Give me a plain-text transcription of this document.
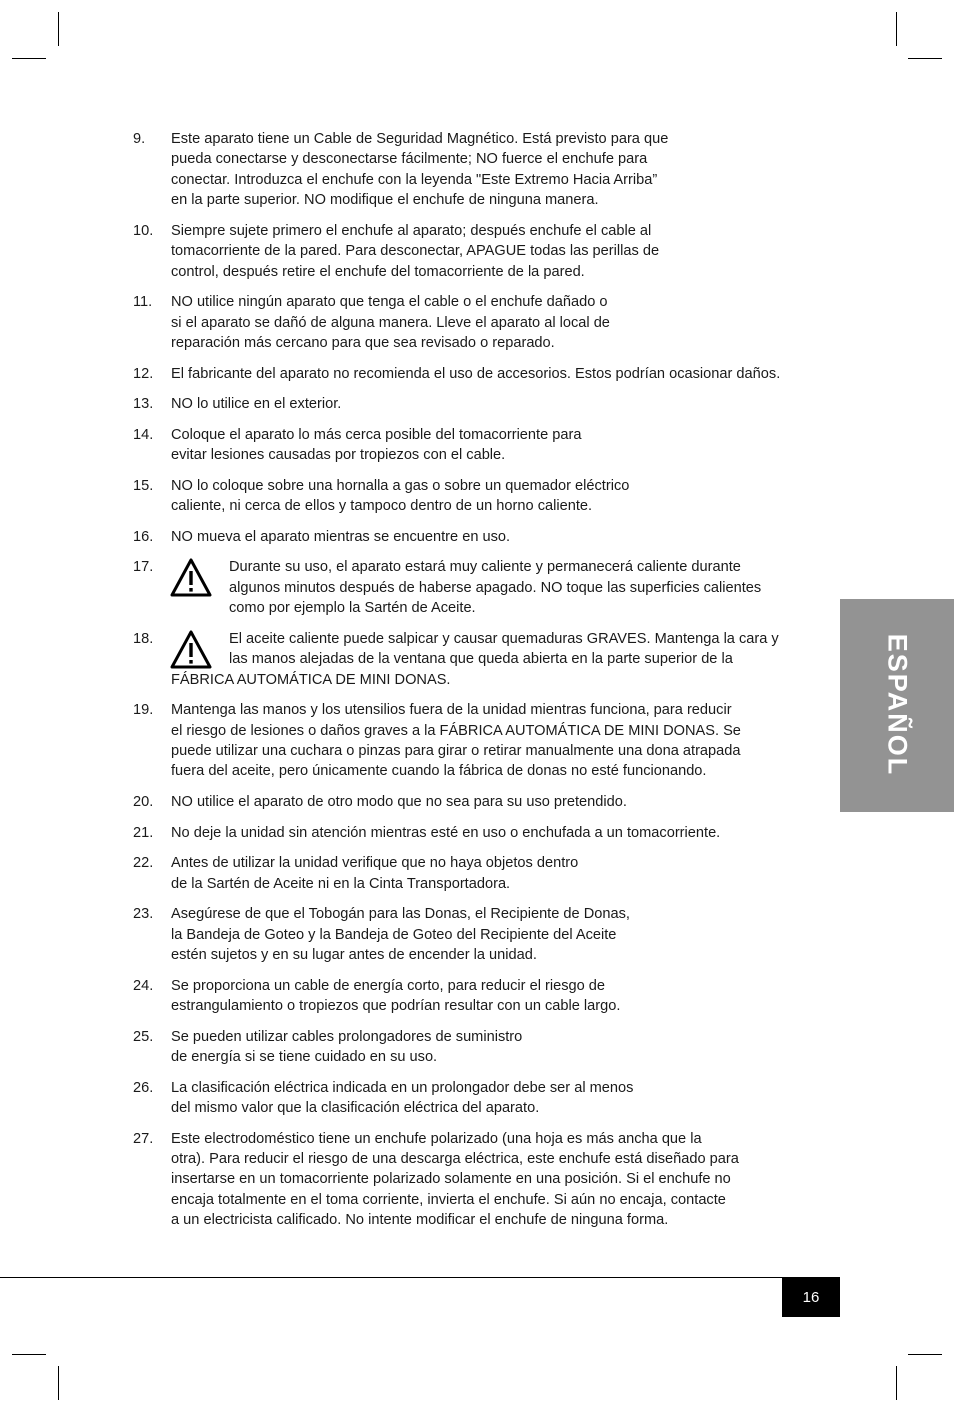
9. Este aparato tiene un Cable de Seguridad Magnético. Está previsto para que
pueda conectarse y desconectarse fácilmente; NO fuerce el enchufe para
conectar. Introduzca el enchufe con la leyenda "Este Extremo Hacia Arriba”
en la parte superior. NO modifique el enchufe de ninguna manera.
10. Siempre sujete primero el enchufe al aparato; después enchufe el cable al
tomacorriente de la pared. Para desconectar, APAGUE todas las perillas de
control, después retire el enchufe del tomacorriente de la pared.
11. NO utilice ningún aparato que tenga el cable o el enchufe dañado o
si el aparato se dañó de alguna manera. Lleve el aparato al local de
reparación más cercano para que sea revisado o reparado.
12. El fabricante del aparato no recomienda el uso de accesorios. Estos podrían ocasionar daños.
13. NO lo utilice en el exterior.
14. Coloque el aparato lo más cerca posible del tomacorriente para
evitar lesiones causadas por tropiezos con el cable.
15. NO lo coloque sobre una hornalla a gas o sobre un quemador eléctrico
caliente, ni cerca de ellos y tampoco dentro de un horno caliente.
16. NO mueva el aparato mientras se encuentre en uso.
17.	Durante su uso, el aparato estará muy caliente y permanecerá caliente durante
algunos minutos después de haberse apagado. NO toque las superficies calientes
como por ejemplo la Sartén de Aceite.
18.	El aceite caliente puede salpicar y causar quemaduras GRAVES. Mantenga la cara y
las manos alejadas de la ventana que queda abierta en la parte superior de la
FÁBRICA AUTOMÁTICA DE MINI DONAS.
19. Mantenga las manos y los utensilios fuera de la unidad mientras funciona, para reducir
el riesgo de lesiones o daños graves a la FÁBRICA AUTOMÁTICA DE MINI DONAS. Se
puede utilizar una cuchara o pinzas para girar o retirar manualmente una dona atrapada
fuera del aceite, pero únicamente cuando la fábrica de donas no esté funcionando.
20. NO utilice el aparato de otro modo que no sea para su uso pretendido.
21. No deje la unidad sin atención mientras esté en uso o enchufada a un tomacorriente.
22. Antes de utilizar la unidad verifique que no haya objetos dentro
de la Sartén de Aceite ni en la Cinta Transportadora.
23. Asegúrese de que el Tobogán para las Donas, el Recipiente de Donas,
la Bandeja de Goteo y la Bandeja de Goteo del Recipiente del Aceite
estén sujetos y en su lugar antes de encender la unidad.
24. Se proporciona un cable de energía corto, para reducir el riesgo de
estrangulamiento o tropiezos que podrían resultar con un cable largo.
25. Se pueden utilizar cables prolongadores de suministro
de energía si se tiene cuidado en su uso.
26. La clasificación eléctrica indicada en un prolongador debe ser al menos
del mismo valor que la clasificación eléctrica del aparato.
27. Este electrodoméstico tiene un enchufe polarizado (una hoja es más ancha que la
otra). Para reducir el riesgo de una descarga eléctrica, este enchufe está diseñado para
insertarse en un tomacorriente polarizado solamente en una posición. Si el enchufe no
encaja totalmente en el toma corriente, invierta el enchufe. Si aún no encaja, contacte
a un electricista calificado. No intente modificar el enchufe de ninguna forma.
ESPAÑOL
16
